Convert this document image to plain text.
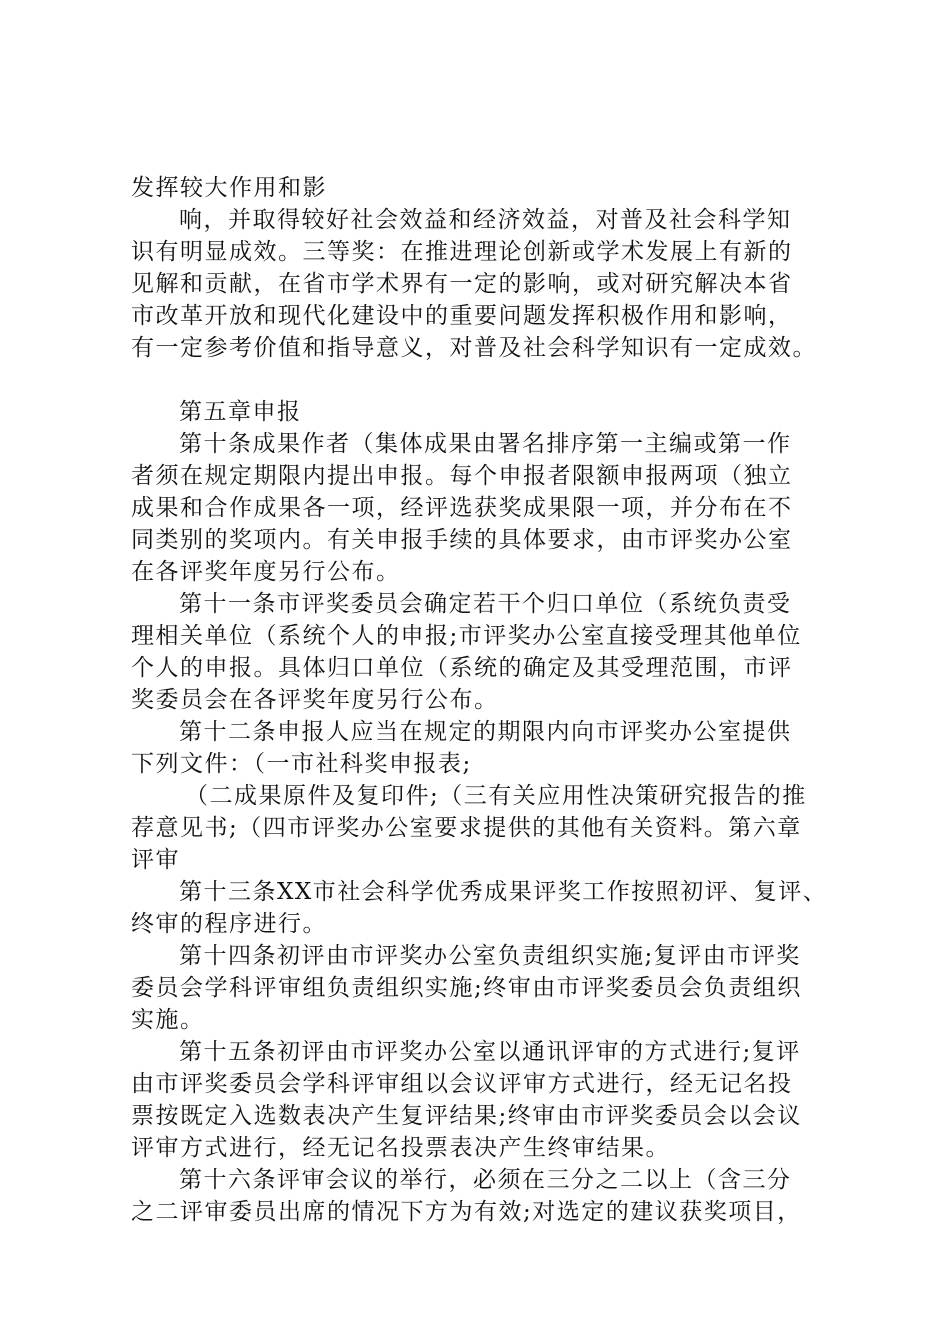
发挥较大作用和影
响，并取得较好社会效益和经济效益，对普及社会科学知
识有明显成效。三等奖：在推进理论创新或学术发展上有新的
见解和贡献，在省市学术界有一定的影响，或对研究解决本省
市改革开放和现代化建设中的重要问题发挥积极作用和影响，
有一定参考价值和指导意义，对普及社会科学知识有一定成效。
第五章申报
第十条成果作者（集体成果由署名排序第一主编或第一作
者须在规定期限内提出申报。每个申报者限额申报两项（独立
成果和合作成果各一项，经评选获奖成果限一项，并分布在不
同类别的奖项内。有关申报手续的具体要求，由市评奖办公室
在各评奖年度另行公布。
第十一条市评奖委员会确定若干个归口单位（系统负责受
理相关单位（系统个人的申报;市评奖办公室直接受理其他单位
个人的申报。具体归口单位（系统的确定及其受理范围，市评
奖委员会在各评奖年度另行公布。
第十二条申报人应当在规定的期限内向市评奖办公室提供
下列文件：（一市社科奖申报表;
（二成果原件及复印件;（三有关应用性决策研究报告的推
荐意见书;（四市评奖办公室要求提供的其他有关资料。第六章
评审
第十三条XX市社会科学优秀成果评奖工作按照初评、复评、
终审的程序进行。
第十四条初评由市评奖办公室负责组织实施;复评由市评奖
委员会学科评审组负责组织实施;终审由市评奖委员会负责组织
实施。
第十五条初评由市评奖办公室以通讯评审的方式进行;复评
由市评奖委员会学科评审组以会议评审方式进行，经无记名投
票按既定入选数表决产生复评结果;终审由市评奖委员会以会议
评审方式进行，经无记名投票表决产生终审结果。
第十六条评审会议的举行，必须在三分之二以上（含三分
之二评审委员出席的情况下方为有效;对选定的建议获奖项目，
